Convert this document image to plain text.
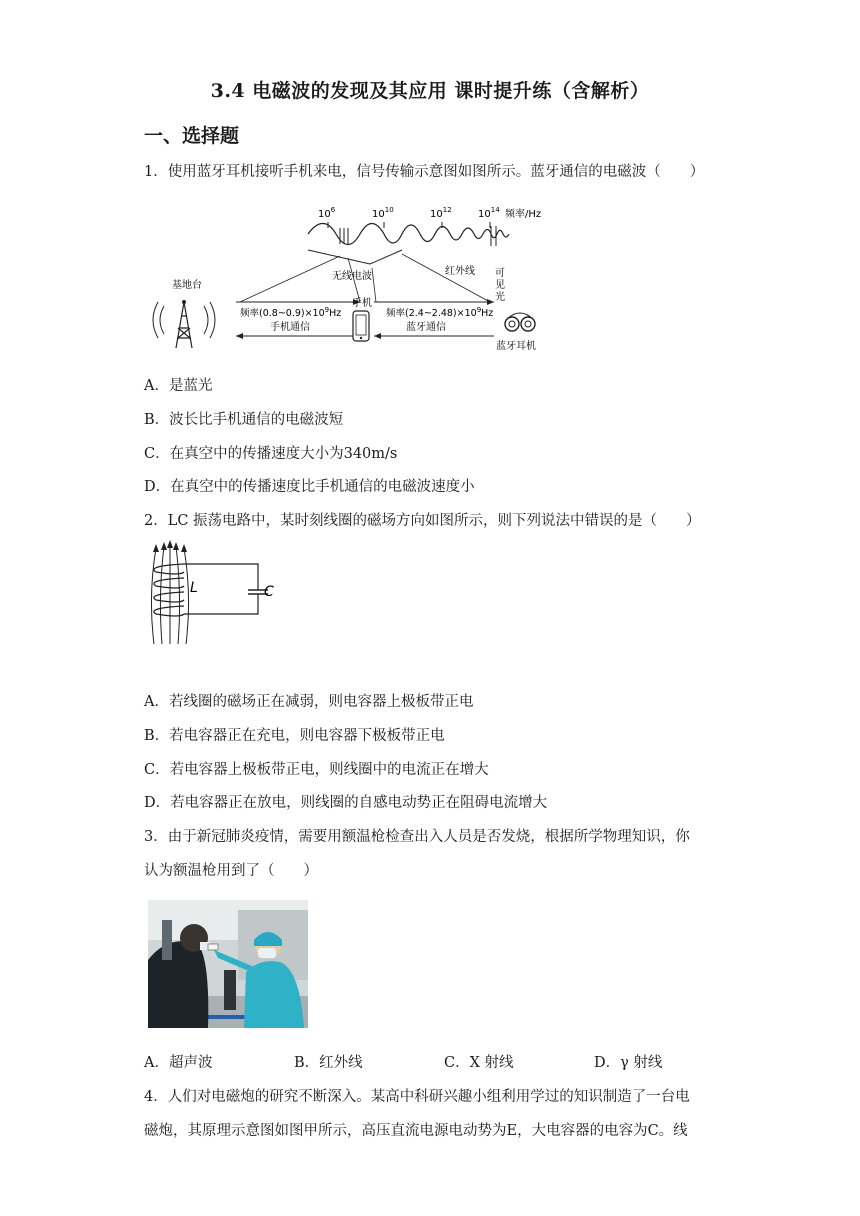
3.4 电磁波的发现及其应用 课时提升练（含解析）
一、选择题
1．使用蓝牙耳机接听手机来电，信号传输示意图如图所示。蓝牙通信的电磁波（　　）
$10^6$	$10^{10}$	$10^{12}$	$10^{14}$ 频率/Hz
无线电波	红外线 可
见
光
基地台
频率$(0.8\sim 0.9)\times 10^9Hz$
手机通信
手机
频率$(2.4\sim 2.48)\times 10^9Hz$
蓝牙通信
蓝牙耳机
A．是蓝光
B．波长比手机通信的电磁波短
C．在真空中的传播速度大小为340m/s
D．在真空中的传播速度比手机通信的电磁波速度小
2．LC 振荡电路中，某时刻线圈的磁场方向如图所示，则下列说法中错误的是（　　）
L	C
A．若线圈的磁场正在减弱，则电容器上极板带正电
B．若电容器正在充电，则电容器下极板带正电
C．若电容器上极板带正电，则线圈中的电流正在增大
D．若电容器正在放电，则线圈的自感电动势正在阻碍电流增大
3．由于新冠肺炎疫情，需要用额温枪检查出入人员是否发烧，根据所学物理知识，你
认为额温枪用到了（　　）
A．超声波	B．红外线	C．X 射线	D．γ 射线
4．人们对电磁炮的研究不断深入。某高中科研兴趣小组利用学过的知识制造了一台电
磁炮，其原理示意图如图甲所示，高压直流电源电动势为E，大电容器的电容为C。线
